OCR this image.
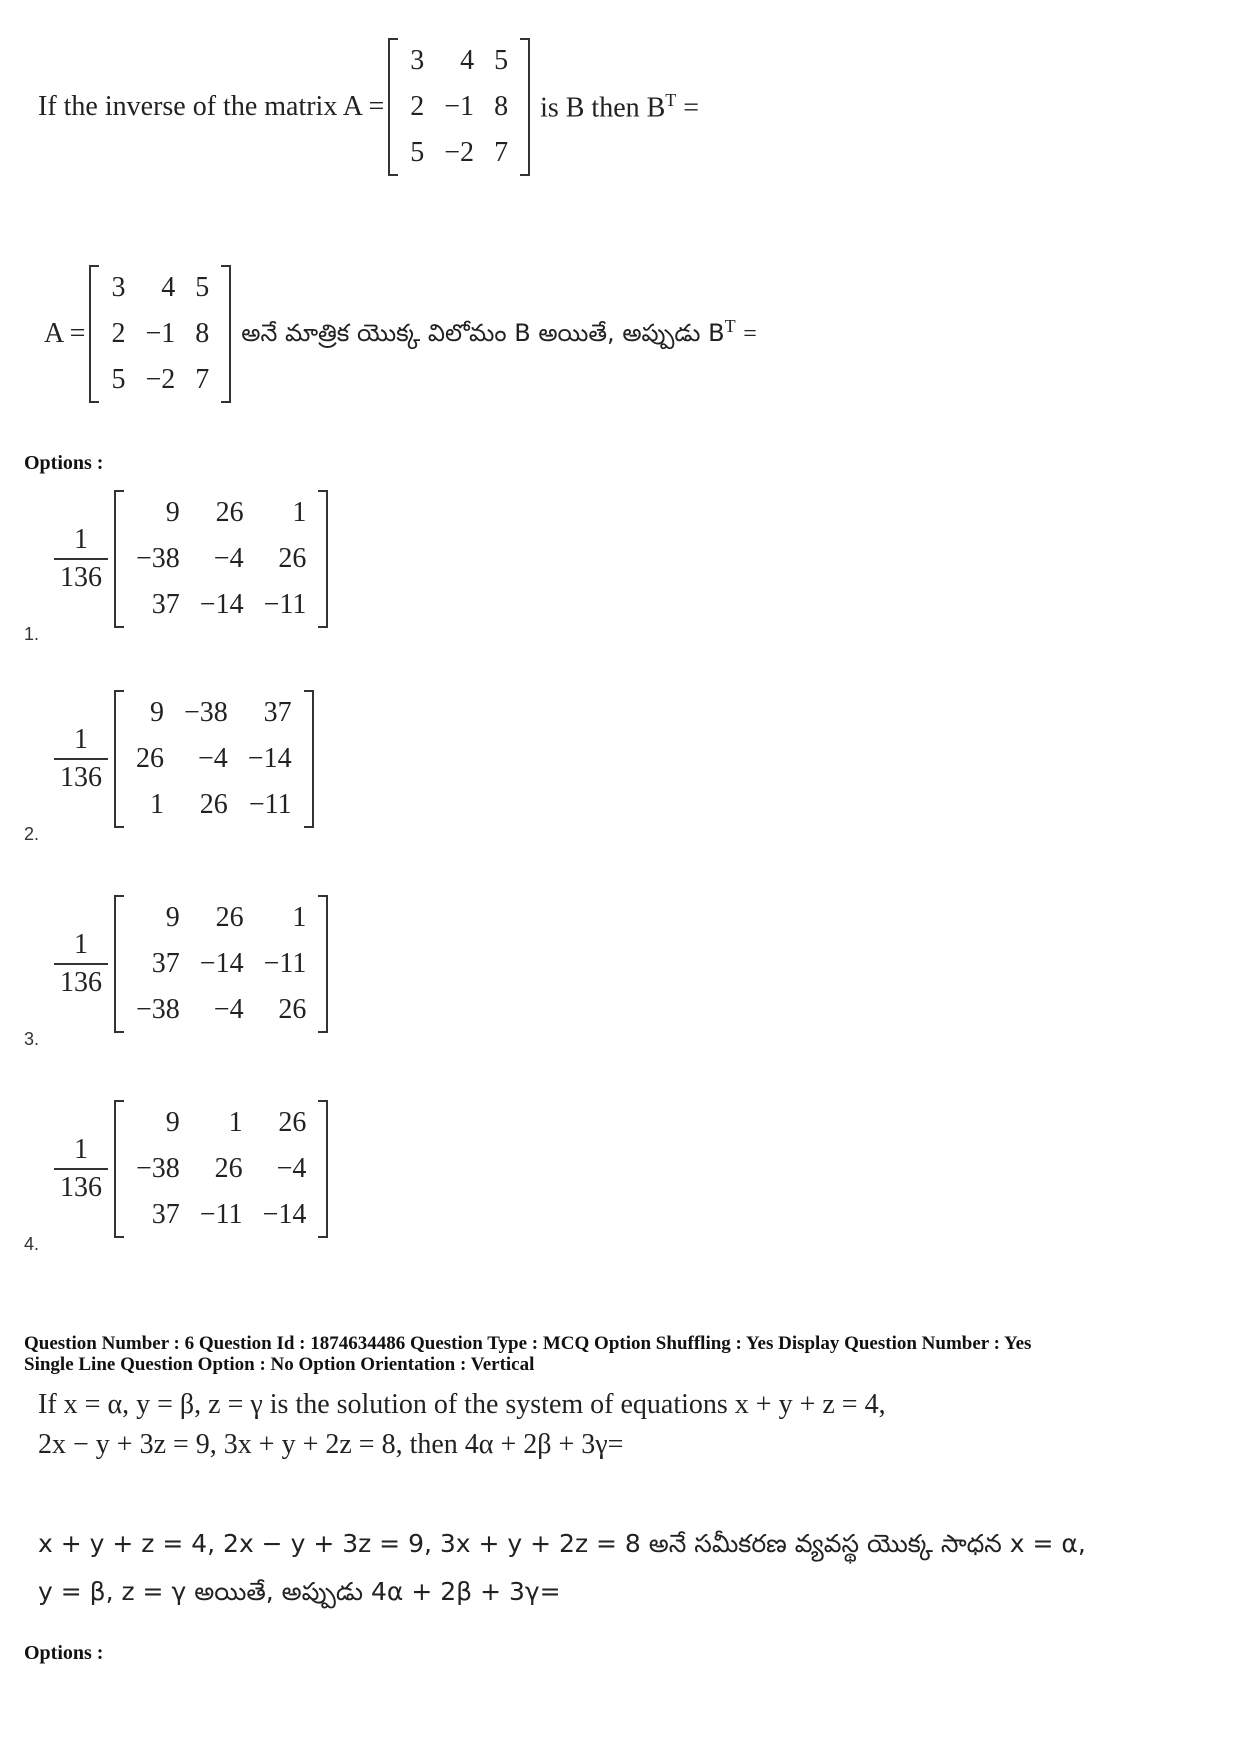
If the inverse of the matrix A =
3	4	5
2	−1	8
5	−2	7
is B then $B^T$ =
A =
3	4	5
2	−1	8
5	−2	7
అనే మాత్రిక యొక్క విలోమం B అయితే, అప్పుడు $B^T$ =
Options :
$\frac{1}{136}$
9	26	1
−38	−4	26
37	−14	−11
1.
$\frac{1}{136}$
9	−38	37
26	−4	−14
1	26	−11
2.
$\frac{1}{136}$
9	26	1
37	−14	−11
−38	−4	26
3.
$\frac{1}{136}$
9	1	26
−38	26	−4
37	−11	−14
4.
Question Number : 6 Question Id : 1874634486 Question Type : MCQ Option Shuffling : Yes Display Question Number : Yes
Single Line Question Option : No Option Orientation : Vertical
If x = α, y = β, z = γ is the solution of the system of equations x + y + z = 4,
2x − y + 3z = 9, 3x + y + 2z = 8, then 4α + 2β + 3γ=
x + y + z = 4, 2x − y + 3z = 9, 3x + y + 2z = 8 అనే సమీకరణ వ్యవస్థ యొక్క సాధన x = α,
y = β, z = γ అయితే, అప్పుడు 4α + 2β + 3γ=
Options :
